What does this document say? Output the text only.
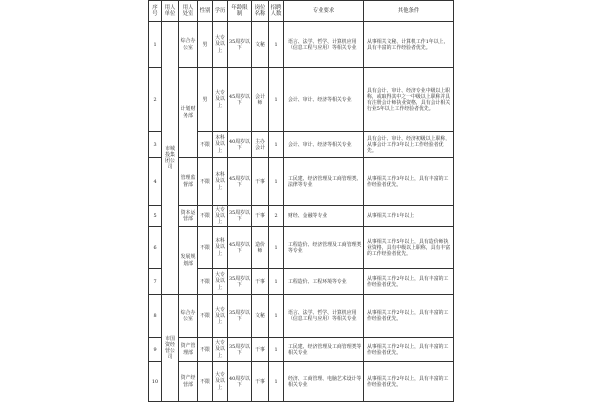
序号	用人单位	用人处室	性别	学历	年龄限制	岗位名称	招聘人数	专业要求	其他条件
1	市城投集团公司	综合办公室	男	大专及以上	35周岁以下	文秘	1	语言、法学、哲学、计算机应用（信息工程与应用）等相关专业	从事相关文秘、计算机工作1年以上，具有丰富的工作经验者优先。
2		计划财务部	男	大专及以上	45周岁以下	会计师	1	会计、审计、经济等相关专业	具有会计、审计、经济专业中级以上职称，或取得其中之一中级以上职称并具有注册会计师执业资格，具有会计相关行业5年以上工作经验者优先。
3			不限	本科及以上	40周岁以下	主办会计	1	会计、审计、经济等相关专业	具有会计、审计、经济初级以上职称，从事会计工作3年以上工作经验者优先。
4		管理监督部	不限	本科及以上	45周岁以下	干事	1	工民建、经济管理及工商管理类、法律等专业	从事相关工作3年以上，具有丰富的工作经验者优先。
5		资本运营部	不限	大专及以上	35周岁以下	干事	2	财经、金融等专业	从事相关工作1年以上
6		发展规划部	不限	本科及以上	45周岁以下	造价师	1	工程造价、经济管理及工商管理类等专业	从事相关工作5年以上，具有造价师执业资格，具有中级以上职称，具有丰富的工作经验者优先。
7			不限	大专及以上	35周岁以下	干事	1	工程造价、工程环境等专业	从事相关工作2年以上，具有丰富的工作经验者优先。
8	市国资经营公司	综合办公室	不限	大专及以上	35周岁以下	文秘	1	语言、法学、哲学、计算机应用（信息工程与应用）等相关专业	从事相关工作2年以上，具有丰富的工作经验者优先。
9		资产管理部	不限	大专及以上	35周岁以下	干事	1	工民建、经济管理及工商管理类等相关专业	从事相关工作2年以上，具有丰富的工作经验者优先。
10		资产经营部	不限	大专及以上	40周岁以下	干事	1	经济、工商管理、电脑艺术设计等相关专业	从事相关工作2年以上，具有丰富的工作经验者优先。
